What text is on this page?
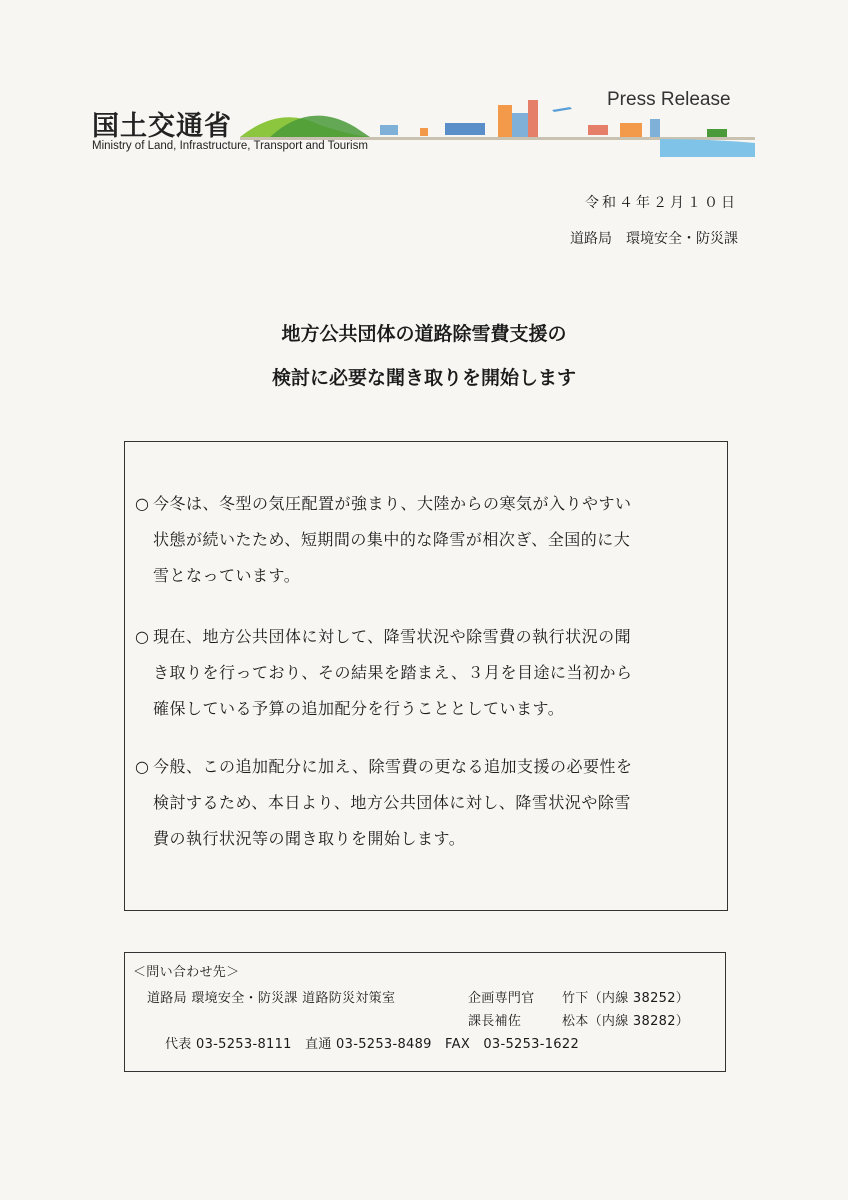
国土交通省
Ministry of Land, Infrastructure, Transport and Tourism
Press Release
令和４年２月１０日
道路局　環境安全・防災課
地方公共団体の道路除雪費支援の
検討に必要な聞き取りを開始します
○ 今冬は、冬型の気圧配置が強まり、大陸からの寒気が入りやすい
状態が続いたため、短期間の集中的な降雪が相次ぎ、全国的に大
雪となっています。
○ 現在、地方公共団体に対して、降雪状況や除雪費の執行状況の聞
き取りを行っており、その結果を踏まえ、３月を目途に当初から
確保している予算の追加配分を行うこととしています。
○ 今般、この追加配分に加え、除雪費の更なる追加支援の必要性を
検討するため、本日より、地方公共団体に対し、降雪状況や除雪
費の執行状況等の聞き取りを開始します。
＜問い合わせ先＞
道路局 環境安全・防災課 道路防災対策室	企画専門官 竹下（内線 38252）
課長補佐	松本（内線 38282）
代表 03-5253-8111　直通 03-5253-8489　FAX　03-5253-1622
